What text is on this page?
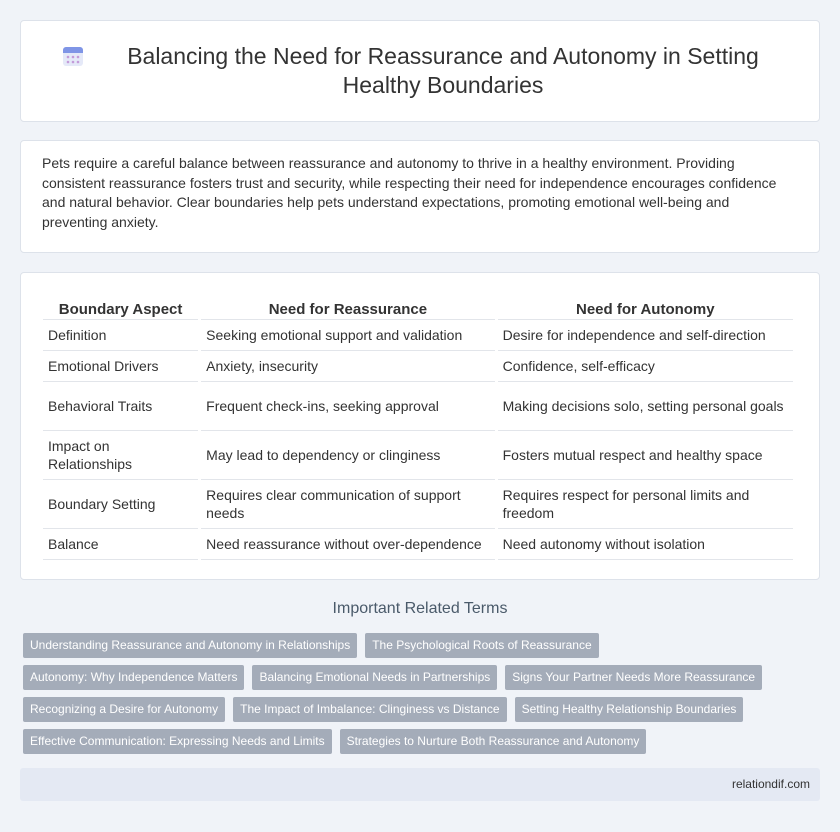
Balancing the Need for Reassurance and Autonomy in Setting Healthy Boundaries

Pets require a careful balance between reassurance and autonomy to thrive in a healthy environment. Providing consistent reassurance fosters trust and security, while respecting their need for independence encourages confidence and natural behavior. Clear boundaries help pets understand expectations, promoting emotional well-being and preventing anxiety.

Boundary Aspect	Need for Reassurance	Need for Autonomy
Definition	Seeking emotional support and validation	Desire for independence and self-direction
Emotional Drivers	Anxiety, insecurity	Confidence, self-efficacy
Behavioral Traits	Frequent check-ins, seeking approval	Making decisions solo, setting personal goals
Impact on Relationships	May lead to dependency or clinginess	Fosters mutual respect and healthy space
Boundary Setting	Requires clear communication of support needs	Requires respect for personal limits and freedom
Balance	Need reassurance without over-dependence	Need autonomy without isolation
Important Related Terms
Understanding Reassurance and Autonomy in Relationships	The Psychological Roots of Reassurance
Autonomy: Why Independence Matters	Balancing Emotional Needs in Partnerships	Signs Your Partner Needs More Reassurance
Recognizing a Desire for Autonomy	The Impact of Imbalance: Clinginess vs Distance	Setting Healthy Relationship Boundaries
Effective Communication: Expressing Needs and Limits	Strategies to Nurture Both Reassurance and Autonomy
relationdif.com
